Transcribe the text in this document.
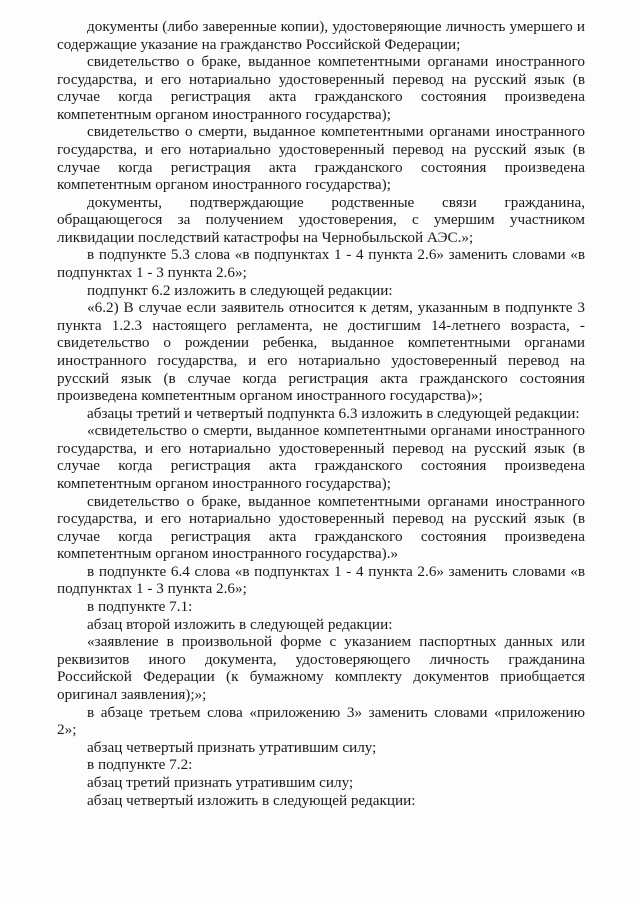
документы (либо заверенные копии), удостоверяющие личность умершего и содержащие указание на гражданство Российской Федерации;

свидетельство о браке, выданное компетентными органами иностранного государства, и его нотариально удостоверенный перевод на русский язык (в случае когда регистрация акта гражданского состояния произведена компетентным органом иностранного государства);

свидетельство о смерти, выданное компетентными органами иностранного государства, и его нотариально удостоверенный перевод на русский язык (в случае когда регистрация акта гражданского состояния произведена компетентным органом иностранного государства);

документы, подтверждающие родственные связи гражданина, обращающегося за получением удостоверения, с умершим участником ликвидации последствий катастрофы на Чернобыльской АЭС.»;

в подпункте 5.3 слова «в подпунктах 1 - 4 пункта 2.6» заменить словами «в подпунктах 1 - 3 пункта 2.6»;

подпункт 6.2 изложить в следующей редакции:

«6.2) В случае если заявитель относится к детям, указанным в подпункте 3 пункта 1.2.3 настоящего регламента, не достигшим 14-летнего возраста, - свидетельство о рождении ребенка, выданное компетентными органами иностранного государства, и его нотариально удостоверенный перевод на русский язык (в случае когда регистрация акта гражданского состояния произведена компетентным органом иностранного государства)»;

абзацы третий и четвертый подпункта 6.3 изложить в следующей редакции:

«свидетельство о смерти, выданное компетентными органами иностранного государства, и его нотариально удостоверенный перевод на русский язык (в случае когда регистрация акта гражданского состояния произведена компетентным органом иностранного государства);

свидетельство о браке, выданное компетентными органами иностранного государства, и его нотариально удостоверенный перевод на русский язык (в случае когда регистрация акта гражданского состояния произведена компетентным органом иностранного государства).»

в подпункте 6.4 слова «в подпунктах 1 - 4 пункта 2.6» заменить словами «в подпунктах 1 - 3 пункта 2.6»;

в подпункте 7.1:

абзац второй изложить в следующей редакции:

«заявление в произвольной форме с указанием паспортных данных или реквизитов иного документа, удостоверяющего личность гражданина Российской Федерации (к бумажному комплекту документов приобщается оригинал заявления);»;

в абзаце третьем слова «приложению 3» заменить словами «приложению 2»;

абзац четвертый признать утратившим силу;

в подпункте 7.2:

абзац третий признать утратившим силу;

абзац четвертый изложить в следующей редакции:
